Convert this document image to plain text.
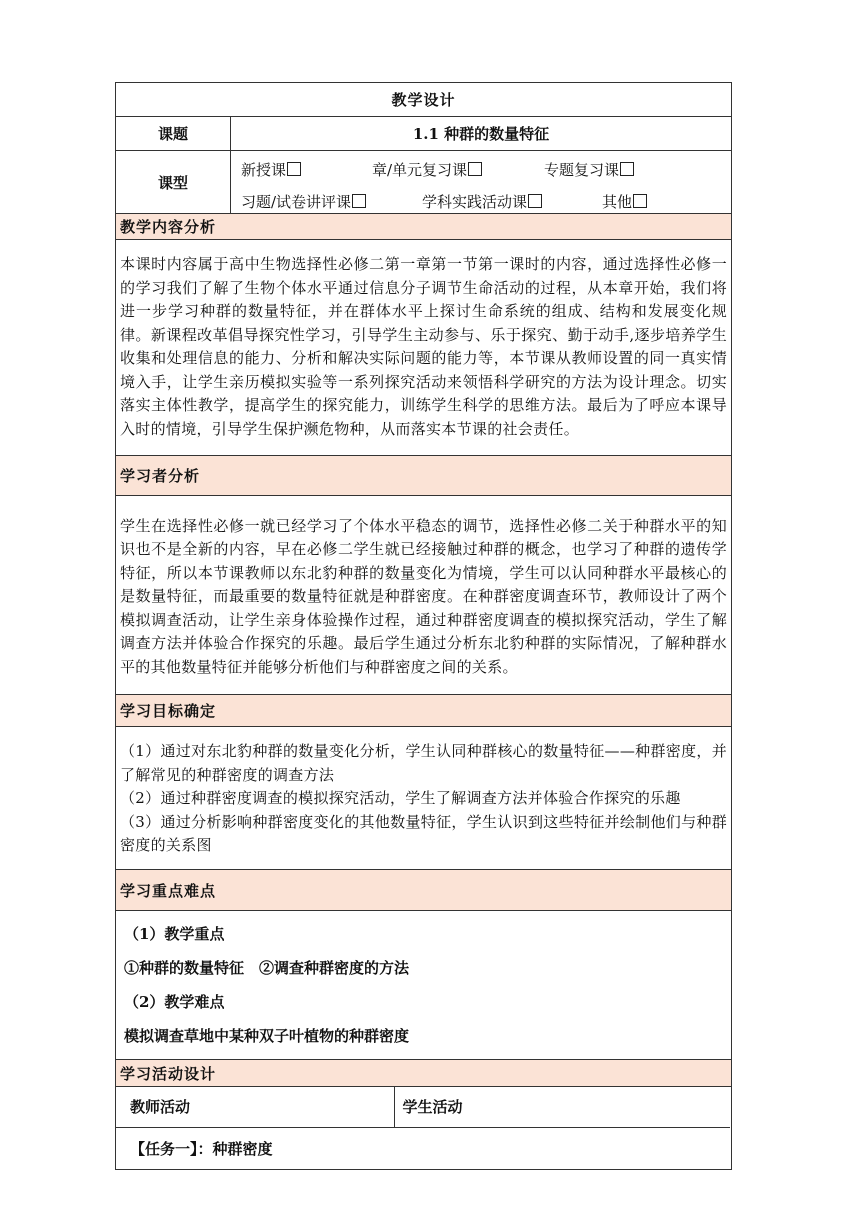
教学设计
课题	1.1 种群的数量特征
课型	
新授课	章/单元复习课	专题复习课
习题/试卷讲评课	学科实践活动课	其他

教学内容分析
本课时内容属于高中生物选择性必修二第一章第一节第一课时的内容，通过选择性必修一的学习我们了解了生物个体水平通过信息分子调节生命活动的过程，从本章开始，我们将进一步学习种群的数量特征，并在群体水平上探讨生命系统的组成、结构和发展变化规律。新课程改革倡导探究性学习，引导学生主动参与、乐于探究、勤于动手,逐步培养学生收集和处理信息的能力、分析和解决实际问题的能力等，本节课从教师设置的同一真实情境入手，让学生亲历模拟实验等一系列探究活动来领悟科学研究的方法为设计理念。切实落实主体性教学，提高学生的探究能力，训练学生科学的思维方法。最后为了呼应本课导入时的情境，引导学生保护濒危物种，从而落实本节课的社会责任。
学习者分析
学生在选择性必修一就已经学习了个体水平稳态的调节，选择性必修二关于种群水平的知识也不是全新的内容，早在必修二学生就已经接触过种群的概念，也学习了种群的遗传学特征，所以本节课教师以东北豹种群的数量变化为情境，学生可以认同种群水平最核心的是数量特征，而最重要的数量特征就是种群密度。在种群密度调查环节，教师设计了两个模拟调查活动，让学生亲身体验操作过程，通过种群密度调查的模拟探究活动，学生了解调查方法并体验合作探究的乐趣。最后学生通过分析东北豹种群的实际情况，了解种群水平的其他数量特征并能够分析他们与种群密度之间的关系。
学习目标确定

（1）通过对东北豹种群的数量变化分析，学生认同种群核心的数量特征——种群密度，并了解常见的种群密度的调查方法
（2）通过种群密度调查的模拟探究活动，学生了解调查方法并体验合作探究的乐趣
（3）通过分析影响种群密度变化的其他数量特征，学生认识到这些特征并绘制他们与种群密度的关系图

学习重点难点

（1）教学重点
①种群的数量特征　②调查种群密度的方法
（2）教学难点
模拟调查草地中某种双子叶植物的种群密度

学习活动设计

教师活动	学生活动
【任务一】：种群密度
